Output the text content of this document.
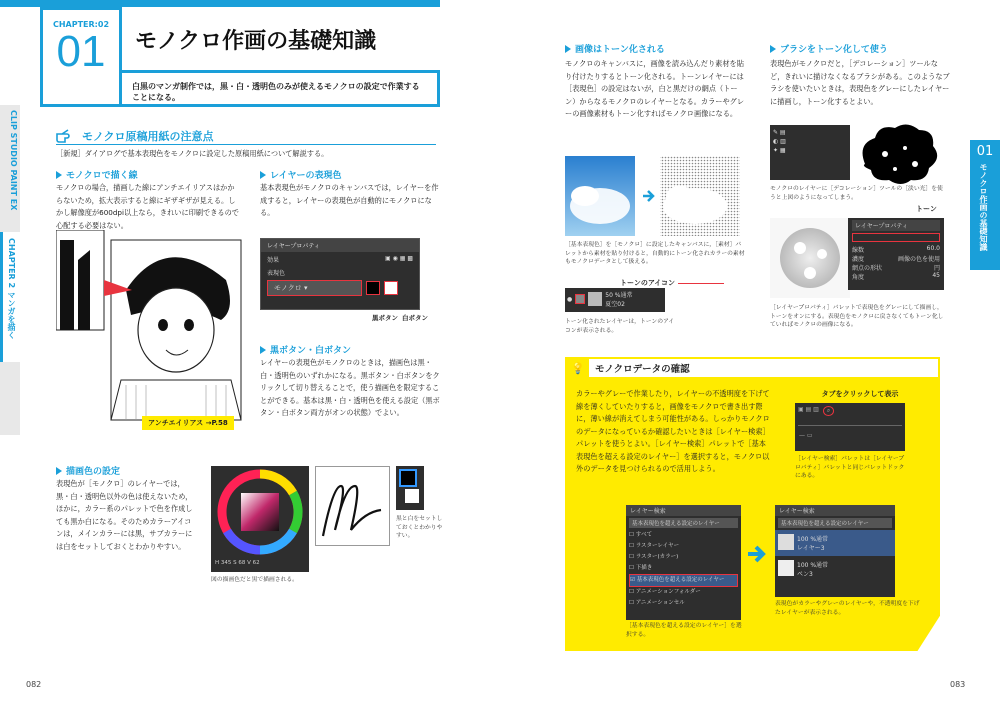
CHAPTER:02
01	モノクロ作画の基礎知識
白黒のマンガ制作では，黒・白・透明色のみが使えるモノクロの設定で作業することになる。
CLIP STUDIO PAINT EX
CHAPTER 2 マンガを描く
モノクロ原稿用紙の注意点
［新規］ダイアログで基本表現色をモノクロに設定した原稿用紙について解説する。
モノクロで描く線
モノクロの場合，描画した線にアンチエイリアスはかからないため，拡大表示すると線にギザギザが見える。しかし解像度が600dpi以上なら，きれいに印刷できるので心配する必要はない。
アンチエイリアス →P.58
レイヤーの表現色
基本表現色がモノクロのキャンバスでは，レイヤーを作成すると，レイヤーの表現色が自動的にモノクロになる。
レイヤープロパティ
効果	▣ ◉ ▦ ▩
表現色
モノクロ ▾
黒ボタン 白ボタン
黒ボタン・白ボタン
レイヤーの表現色がモノクロのときは，描画色は黒・白・透明色のいずれかになる。黒ボタン・白ボタンをクリックして切り替えることで，使う描画色を限定することができる。基本は黒・白・透明色を使える設定（黒ボタン・白ボタン両方がオンの状態）でよい。
描画色の設定
表現色が［モノクロ］のレイヤーでは，黒・白・透明色以外の色は使えないため，ほかに，カラー系のパレットで色を作成しても黒か白になる。そのためカラーアイコンは，メインカラーには黒，サブカラーには白をセットしておくとわかりやすい。
H 345 S 68 V 62
図の描画色だと黒で描画される。
黒と白をセットしておくとわかりやすい。
082
画像はトーン化される
モノクロのキャンバスに，画像を読み込んだり素材を貼り付けたりするとトーン化される。トーンレイヤーには［表現色］の設定はないが，白と黒だけの網点（トーン）からなるモノクロのレイヤーとなる。カラーやグレーの画像素材もトーン化すればモノクロ画像になる。
［基本表現色］を［モノクロ］に設定したキャンバスに，［素材］パレットから素材を貼り付けると，自動的にトーン化されカラーの素材もモノクロデータとして扱える。
トーンのアイコン
●	50 %通常
夏空02
トーン化されたレイヤーは，トーンのアイコンが表示される。
ブラシをトーン化して使う
表現色がモノクロだと，［デコレーション］ツールなど，きれいに描けなくなるブラシがある。このようなブラシを使いたいときは，表現色をグレーにしたレイヤーに描画し，トーン化するとよい。
✎ ▤
◐ ▥
✦ ▦
モノクロのレイヤーに［デコレーション］ツールの［淡い光］を使うと上図のようになってしまう。
トーン
レイヤープロパティ
線数	60.0
濃度	画像の色を使用
網点の形状	円
角度	45
［レイヤープロパティ］パレットで表現色をグレーにして描画し，トーンをオンにする。表現色をモノクロに戻さなくてもトーン化していればモノクロの画像になる。
💡	モノクロデータの確認
カラーやグレーで作業したり，レイヤーの不透明度を下げて線を薄くしていたりすると，画像をモノクロで書き出す際に，薄い線が消えてしまう可能性がある。しっかりモノクロのデータになっているか確認したいときは［レイヤー検索］パレットを使うとよい。［レイヤー検索］パレットで［基本表現色を超える設定のレイヤー］を選択すると，モノクロ以外のデータを見つけられるので活用しよう。
タブをクリックして表示
▣ ▤ ▥	⌕
— ▭
［レイヤー検索］パレットは［レイヤープロパティ］パレットと同じパレットドックにある。
レイヤー検索
基本表現色を超える設定のレイヤー
☐ すべて
☐ ラスターレイヤー
☐ ラスター(カラー)
☐ 下描き
☑ 基本表現色を超える設定のレイヤー
☐ アニメーションフォルダー
☐ アニメーションセル
［基本表現色を超える設定のレイヤー］を選択する。
レイヤー検索
基本表現色を超える設定のレイヤー
100 %通常
レイヤー3
100 %通常
ペン3
表現色がカラーやグレーのレイヤーや，不透明度を下げたレイヤーが表示される。
01
モノクロ作画の基礎知識
083
